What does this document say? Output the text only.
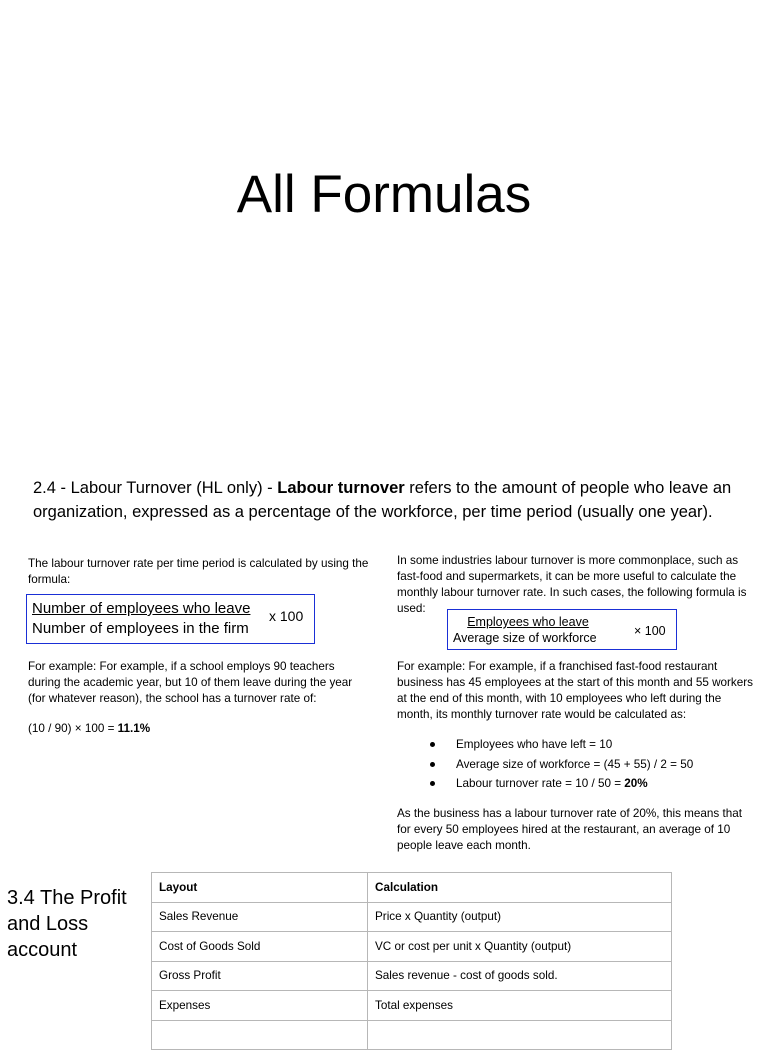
All Formulas
2.4 - Labour Turnover (HL only) - Labour turnover refers to the amount of people who leave an organization, expressed as a percentage of the workforce, per time period (usually one year).

The labour turnover rate per time period is calculated by using the formula:

Number of employees who leave
Number of employees in the firm
x 100
For example: For example, if a school employs 90 teachers during the academic year, but 10 of them leave during the year (for whatever reason), the school has a turnover rate of:
(10 / 90) × 100 = 11.1%

In some industries labour turnover is more commonplace, such as fast-food and supermarkets, it can be more useful to calculate the monthly labour turnover rate. In such cases, the following formula is used:

Employees who leave
Average size of workforce	× 100
For example: For example, if a franchised fast-food restaurant business has 45 employees at the start of this month and 55 workers at the end of this month, with 10 employees who left during the month, its monthly turnover rate would be calculated as:
Employees who have left = 10
Average size of workforce = (45 + 55) / 2 = 50
Labour turnover rate = 10 / 50 = 20%
As the business has a labour turnover rate of 20%, this means that for every 50 employees hired at the restaurant, an average of 10 people leave each month.
3.4 The Profit and Loss account
Layout	Calculation
Sales Revenue	Price x Quantity (output)
Cost of Goods Sold	VC or cost per unit x Quantity (output)
Gross Profit	Sales revenue - cost of goods sold.
Expenses	Total expenses
